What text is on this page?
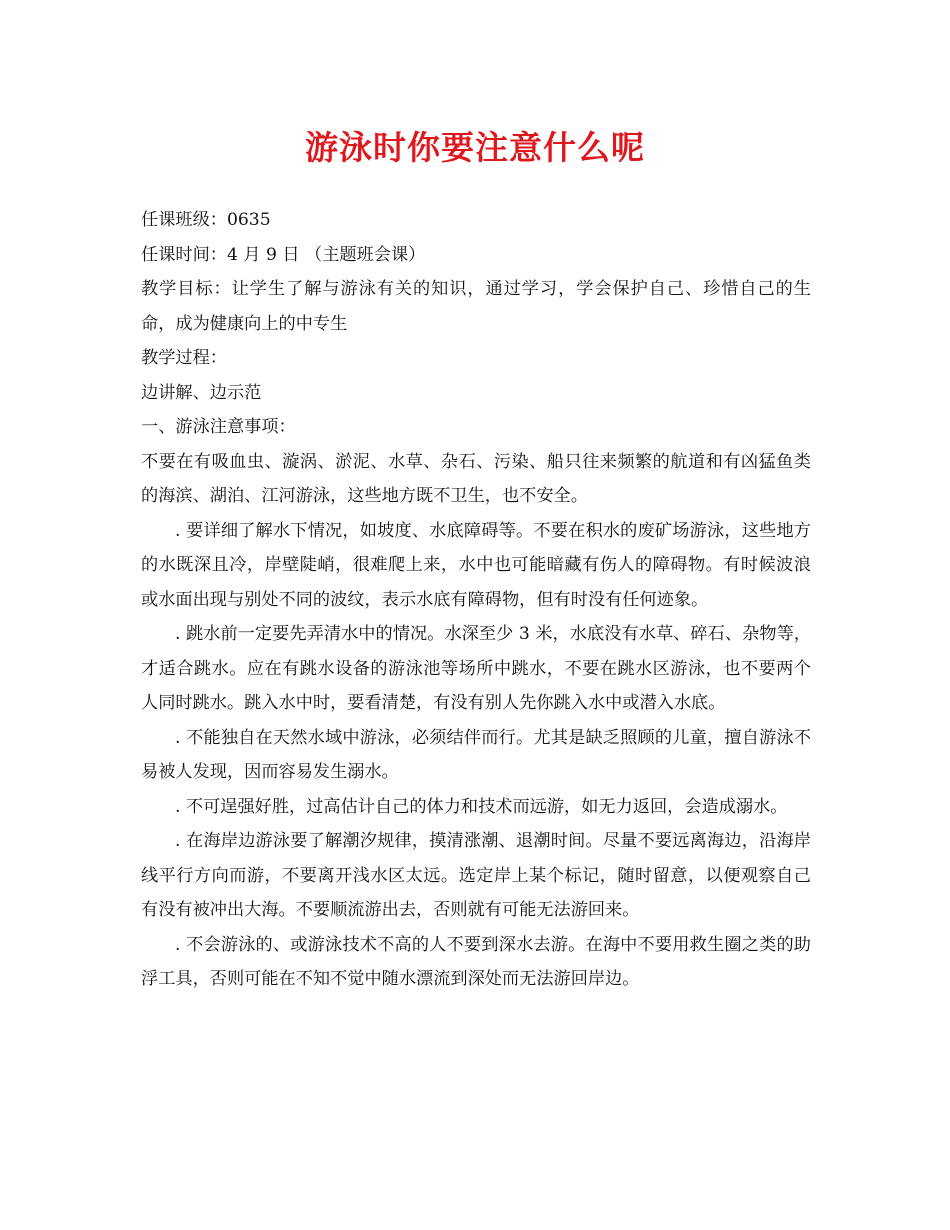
游泳时你要注意什么呢

任课班级：0635

任课时间：4 月 9 日 （主题班会课）

教学目标：让学生了解与游泳有关的知识，通过学习，学会保护自己、珍惜自己的生命，成为健康向上的中专生

教学过程：

边讲解、边示范

一、游泳注意事项：

不要在有吸血虫、漩涡、淤泥、水草、杂石、污染、船只往来频繁的航道和有凶猛鱼类的海滨、湖泊、江河游泳，这些地方既不卫生，也不安全。

. 要详细了解水下情况，如坡度、水底障碍等。不要在积水的废矿场游泳，这些地方的水既深且冷，岸壁陡峭，很难爬上来，水中也可能暗藏有伤人的障碍物。有时候波浪或水面出现与别处不同的波纹，表示水底有障碍物，但有时没有任何迹象。

. 跳水前一定要先弄清水中的情况。水深至少 3 米，水底没有水草、碎石、杂物等，才适合跳水。应在有跳水设备的游泳池等场所中跳水，不要在跳水区游泳，也不要两个人同时跳水。跳入水中时，要看清楚，有没有别人先你跳入水中或潜入水底。

. 不能独自在天然水域中游泳，必须结伴而行。尤其是缺乏照顾的儿童，擅自游泳不易被人发现，因而容易发生溺水。

. 不可逞强好胜，过高估计自己的体力和技术而远游，如无力返回，会造成溺水。

. 在海岸边游泳要了解潮汐规律，摸清涨潮、退潮时间。尽量不要远离海边，沿海岸线平行方向而游，不要离开浅水区太远。选定岸上某个标记，随时留意，以便观察自己有没有被冲出大海。不要顺流游出去，否则就有可能无法游回来。

. 不会游泳的、或游泳技术不高的人不要到深水去游。在海中不要用救生圈之类的助浮工具，否则可能在不知不觉中随水漂流到深处而无法游回岸边。
